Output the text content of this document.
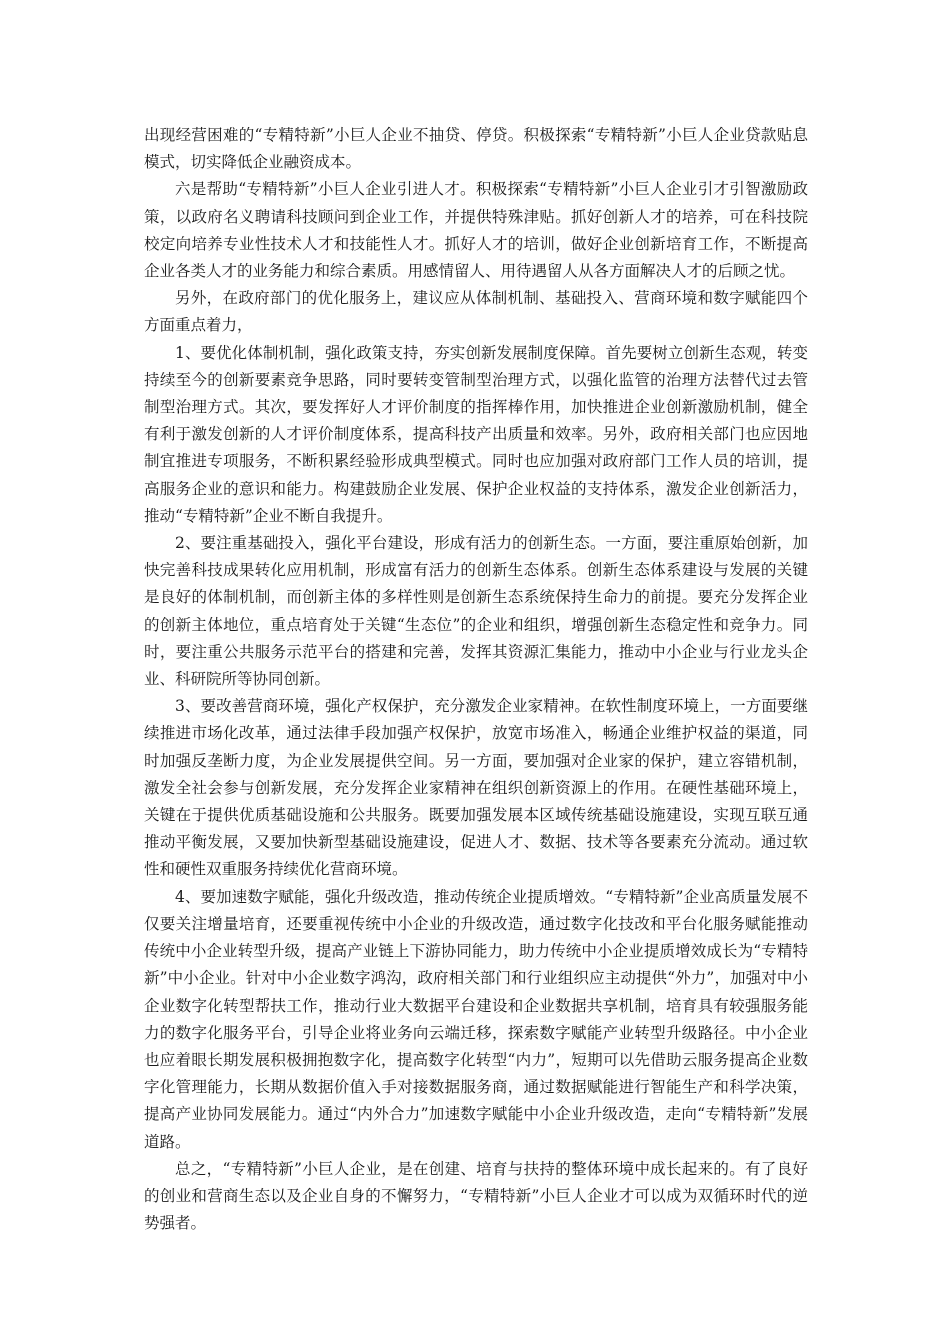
出现经营困难的“专精特新”小巨人企业不抽贷、停贷。积极探索“专精特新”小巨人企业贷款贴息模式，切实降低企业融资成本。

六是帮助“专精特新”小巨人企业引进人才。积极探索“专精特新”小巨人企业引才引智激励政策，以政府名义聘请科技顾问到企业工作，并提供特殊津贴。抓好创新人才的培养，可在科技院校定向培养专业性技术人才和技能性人才。抓好人才的培训，做好企业创新培育工作，不断提高企业各类人才的业务能力和综合素质。用感情留人、用待遇留人从各方面解决人才的后顾之忧。

另外，在政府部门的优化服务上，建议应从体制机制、基础投入、营商环境和数字赋能四个方面重点着力，

1、要优化体制机制，强化政策支持，夯实创新发展制度保障。首先要树立创新生态观，转变持续至今的创新要素竞争思路，同时要转变管制型治理方式，以强化监管的治理方法替代过去管制型治理方式。其次，要发挥好人才评价制度的指挥棒作用，加快推进企业创新激励机制，健全有利于激发创新的人才评价制度体系，提高科技产出质量和效率。另外，政府相关部门也应因地制宜推进专项服务，不断积累经验形成典型模式。同时也应加强对政府部门工作人员的培训，提高服务企业的意识和能力。构建鼓励企业发展、保护企业权益的支持体系，激发企业创新活力，推动“专精特新”企业不断自我提升。

2、要注重基础投入，强化平台建设，形成有活力的创新生态。一方面，要注重原始创新，加快完善科技成果转化应用机制，形成富有活力的创新生态体系。创新生态体系建设与发展的关键是良好的体制机制，而创新主体的多样性则是创新生态系统保持生命力的前提。要充分发挥企业的创新主体地位，重点培育处于关键“生态位”的企业和组织，增强创新生态稳定性和竞争力。同时，要注重公共服务示范平台的搭建和完善，发挥其资源汇集能力，推动中小企业与行业龙头企业、科研院所等协同创新。

3、要改善营商环境，强化产权保护，充分激发企业家精神。在软性制度环境上，一方面要继续推进市场化改革，通过法律手段加强产权保护，放宽市场准入，畅通企业维护权益的渠道，同时加强反垄断力度，为企业发展提供空间。另一方面，要加强对企业家的保护，建立容错机制，激发全社会参与创新发展，充分发挥企业家精神在组织创新资源上的作用。在硬性基础环境上，关键在于提供优质基础设施和公共服务。既要加强发展本区域传统基础设施建设，实现互联互通推动平衡发展，又要加快新型基础设施建设，促进人才、数据、技术等各要素充分流动。通过软性和硬性双重服务持续优化营商环境。

4、要加速数字赋能，强化升级改造，推动传统企业提质增效。“专精特新”企业高质量发展不仅要关注增量培育，还要重视传统中小企业的升级改造，通过数字化技改和平台化服务赋能推动传统中小企业转型升级，提高产业链上下游协同能力，助力传统中小企业提质增效成长为“专精特新”中小企业。针对中小企业数字鸿沟，政府相关部门和行业组织应主动提供“外力”，加强对中小企业数字化转型帮扶工作，推动行业大数据平台建设和企业数据共享机制，培育具有较强服务能力的数字化服务平台，引导企业将业务向云端迁移，探索数字赋能产业转型升级路径。中小企业也应着眼长期发展积极拥抱数字化，提高数字化转型“内力”，短期可以先借助云服务提高企业数字化管理能力，长期从数据价值入手对接数据服务商，通过数据赋能进行智能生产和科学决策，提高产业协同发展能力。通过“内外合力”加速数字赋能中小企业升级改造，走向“专精特新”发展道路。

总之，“专精特新”小巨人企业，是在创建、培育与扶持的整体环境中成长起来的。有了良好的创业和营商生态以及企业自身的不懈努力，“专精特新”小巨人企业才可以成为双循环时代的逆势强者。
